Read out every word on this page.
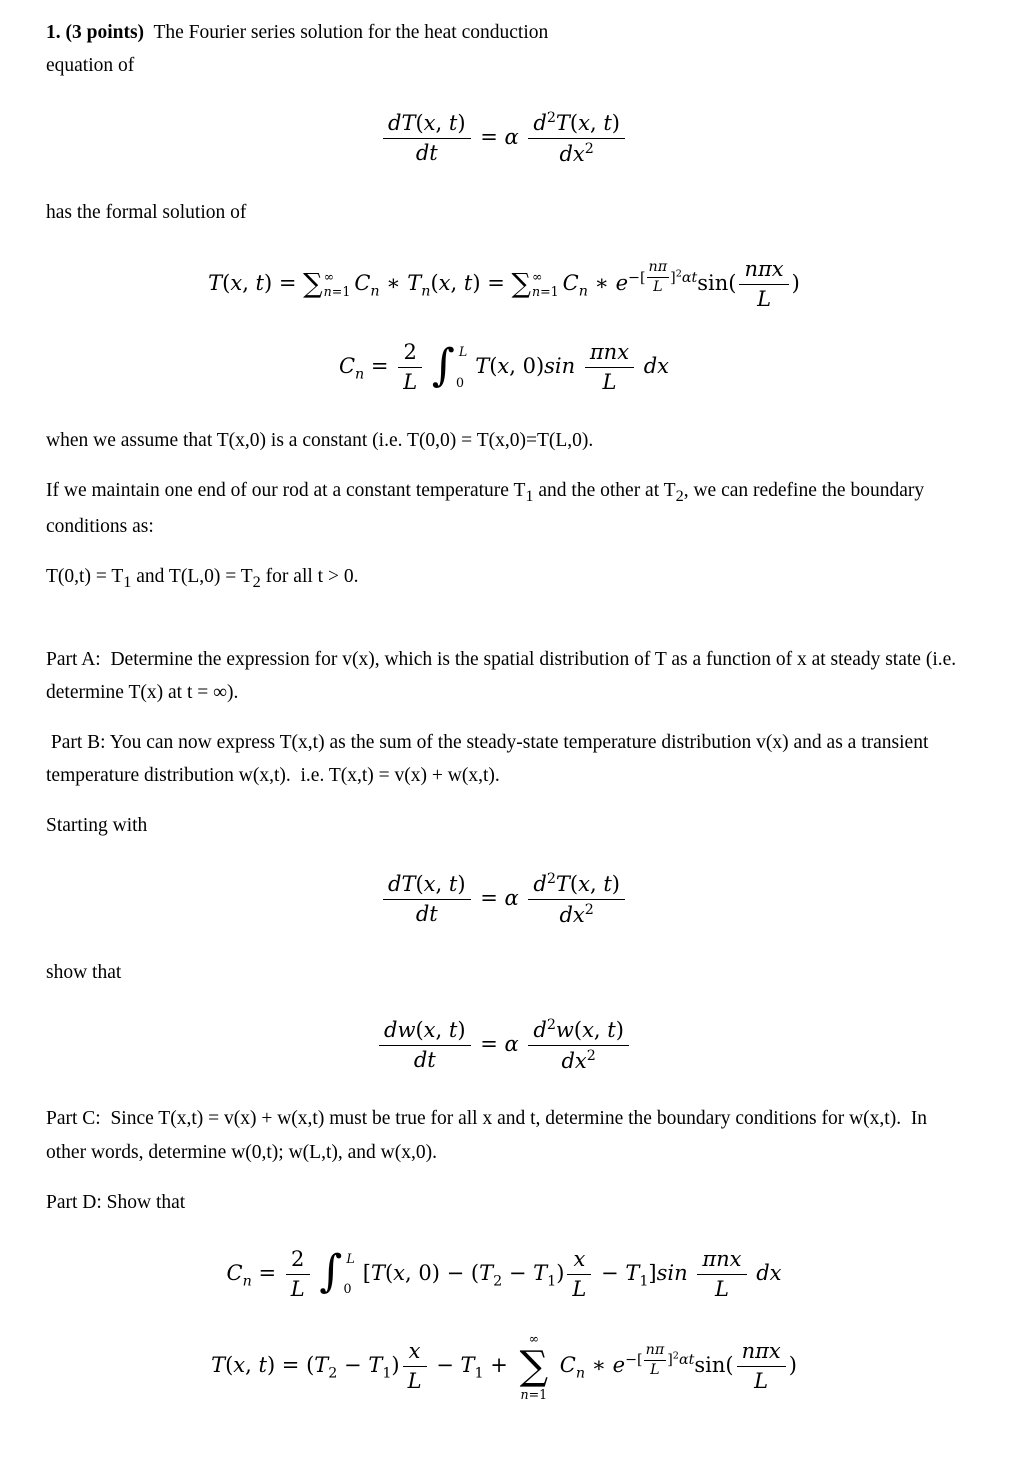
1. (3 points)  The Fourier series solution for the heat conduction
equation of

$\frac{dT(x, t)}{dt} = \alpha \frac{d^2T(x, t)}{dx^2}$

has the formal solution of

T(x, t) = ∑ ∞
n=1 $C_n$ ∗ $T_n(x$, t) = ∑ ∞
n=1 $C_n$ ∗ $e^{-[ \frac{n\pi}{L} ]^2\alpha t}\sin( \frac{\text{nπx}}{L}$ )
$C_n = \frac{2}{L}$ ∫ L
0
T(x, $0)\sin \frac{\text{πnx}}{L}$ dx

when we assume that T(x,0) is a constant (i.e. T(0,0) = T(x,0)=T(L,0).

If we maintain one end of our rod at a constant temperature $T_1$ and the other at $T_2$, we can redefine the boundary conditions as:

$T(0,t) = T_1$ and $T(L,0) = T_2$ for all t > 0.

Part A:  Determine the expression for v(x), which is the spatial distribution of T as a function of x at steady state (i.e. determine T(x) at t = ∞).

Part B: You can now express T(x,t) as the sum of the steady-state temperature distribution v(x) and as a transient temperature distribution w(x,t).  i.e. T(x,t) = v(x) + w(x,t).

Starting with

$\frac{dT(x, t)}{dt} = \alpha \frac{d^2T(x, t)}{dx^2}$

show that

$\frac{dw(x, t)}{dt} = \alpha \frac{d^2w(x, t)}{dx^2}$

Part C:  Since T(x,t) = v(x) + w(x,t) must be true for all x and t, determine the boundary conditions for w(x,t).  In other words, determine w(0,t); w(L,t), and w(x,0).

Part D: Show that

$C_n = \frac{2}{L}$ ∫ L
0
[T(x, $0) - (T_2 - T_1) \frac{x}{L} - T_1]\sin \frac{\text{πnx}}{L}$ dx
T(x, $t) = (T_2 - T_1) \frac{x}{L} - T_1$ +
∞
∑
n=1
$C_n$ ∗ $e^{-[ \frac{n\pi}{L} ]^2\alpha t}\sin( \frac{\text{nπx}}{L}$ )
